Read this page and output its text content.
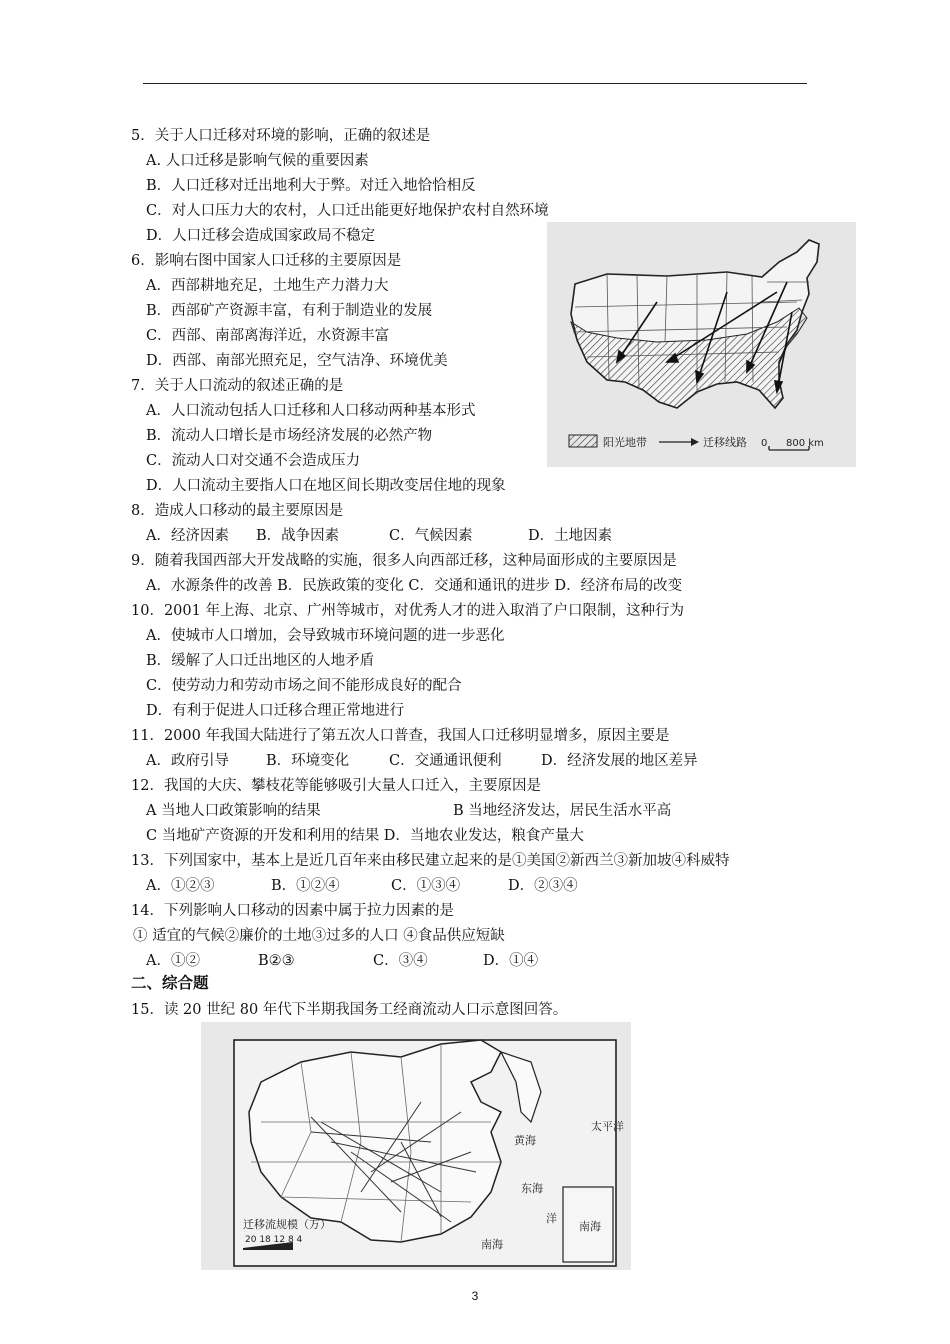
5．关于人口迁移对环境的影响，正确的叙述是
A. 人口迁移是影响气候的重要因素
B．人口迁移对迁出地利大于弊。对迁入地恰恰相反
C．对人口压力大的农村，人口迁出能更好地保护农村自然环境
D．人口迁移会造成国家政局不稳定
6．影响右图中国家人口迁移的主要原因是
A．西部耕地充足，土地生产力潜力大
B．西部矿产资源丰富，有利于制造业的发展
C．西部、南部离海洋近，水资源丰富
D．西部、南部光照充足，空气洁净、环境优美
7．关于人口流动的叙述正确的是
A．人口流动包括人口迁移和人口移动两种基本形式
B．流动人口增长是市场经济发展的必然产物
C．流动人口对交通不会造成压力
D．人口流动主要指人口在地区间长期改变居住地的现象
8．造成人口移动的最主要原因是
9．随着我国西部大开发战略的实施，很多人向西部迁移，这种局面形成的主要原因是
A．水源条件的改善 B．民族政策的变化 C．交通和通讯的进步 D．经济布局的改变
10．2001 年上海、北京、广州等城市，对优秀人才的进入取消了户口限制，这种行为
A．使城市人口增加，会导致城市环境问题的进一步恶化
B．缓解了人口迁出地区的人地矛盾
C．使劳动力和劳动市场之间不能形成良好的配合
D．有利于促进人口迁移合理正常地进行
11．2000 年我国大陆进行了第五次人口普查，我国人口迁移明显增多，原因主要是
12．我国的大庆、攀枝花等能够吸引大量人口迁入，主要原因是
C 当地矿产资源的开发和利用的结果 D．当地农业发达，粮食产量大
13．下列国家中，基本上是近几百年来由移民建立起来的是①美国②新西兰③新加坡④科威特
14．下列影响人口移动的因素中属于拉力因素的是
① 适宜的气候②廉价的土地③过多的人口 ④食品供应短缺
15．读 20 世纪 80 年代下半期我国务工经商流动人口示意图回答。
A．经济因素 B．战争因素	C．气候因素	D．土地因素
A．政府引导	B．环境变化	C．交通通讯便利	D．经济发展的地区差异
A 当地人口政策影响的结果	B 当地经济发达，居民生活水平高
A．①②③	B．①②④	C．①③④	D．②③④
A．①②	B②③	C．③④	D．①④
二、综合题
阳光地带	迁移线路 0 800 km
黄海
东海
洋
南海
太平洋
南海
迁移流规模（万）
20 18 12 8 4
3
